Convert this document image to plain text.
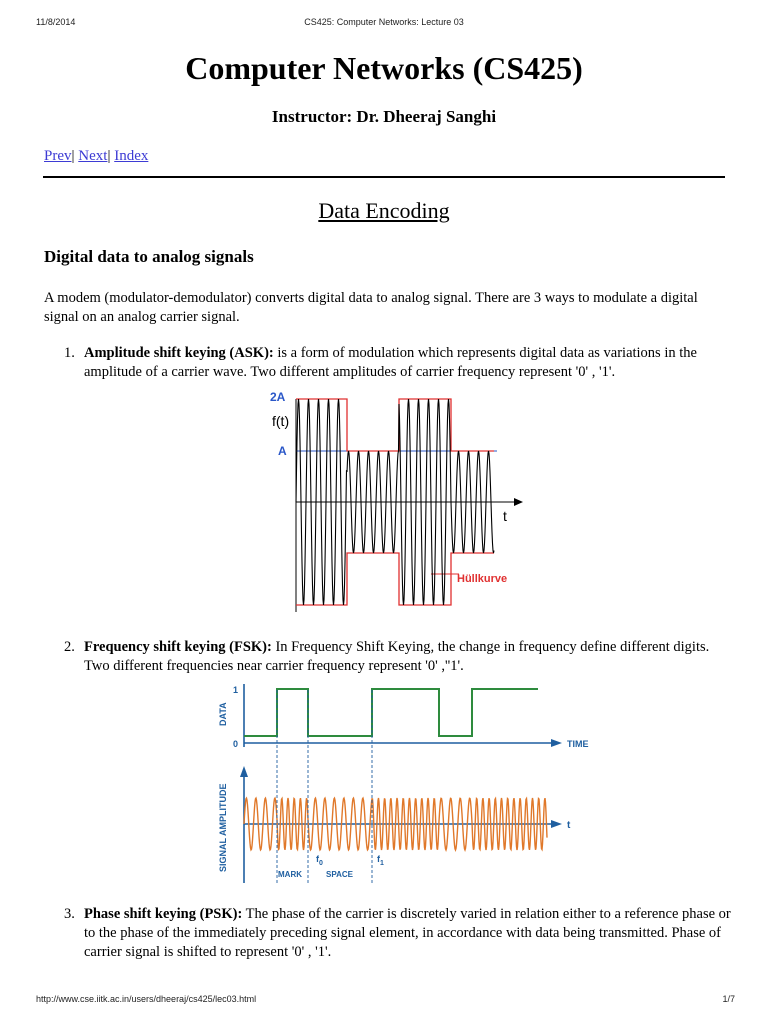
11/8/2014	CS425: Computer Networks: Lecture 03
Computer Networks (CS425)
Instructor: Dr. Dheeraj Sanghi
Prev| Next| Index
Data Encoding
Digital data to analog signals
A modem (modulator-demodulator) converts digital data to analog signal. There are 3 ways to modulate a digital signal on an analog carrier signal.
1. Amplitude shift keying (ASK): is a form of modulation which represents digital data as variations in the amplitude of a carrier wave. Two different amplitudes of carrier frequency represent '0' , '1'.
2A
f(t)
A
t
Hüllkurve
2. Frequency shift keying (FSK): In Frequency Shift Keying, the change in frequency define different digits. Two different frequencies near carrier frequency represent '0' ,''1'.
DATA
1
0	TIME
SIGNAL AMPLITUDE	t
$f_0$	$f_1$
MARK	SPACE
3. Phase shift keying (PSK): The phase of the carrier is discretely varied in relation either to a reference phase or to the phase of the immediately preceding signal element, in accordance with data being transmitted. Phase of carrier signal is shifted to represent '0' , '1'.
http://www.cse.iitk.ac.in/users/dheeraj/cs425/lec03.html	1/7
